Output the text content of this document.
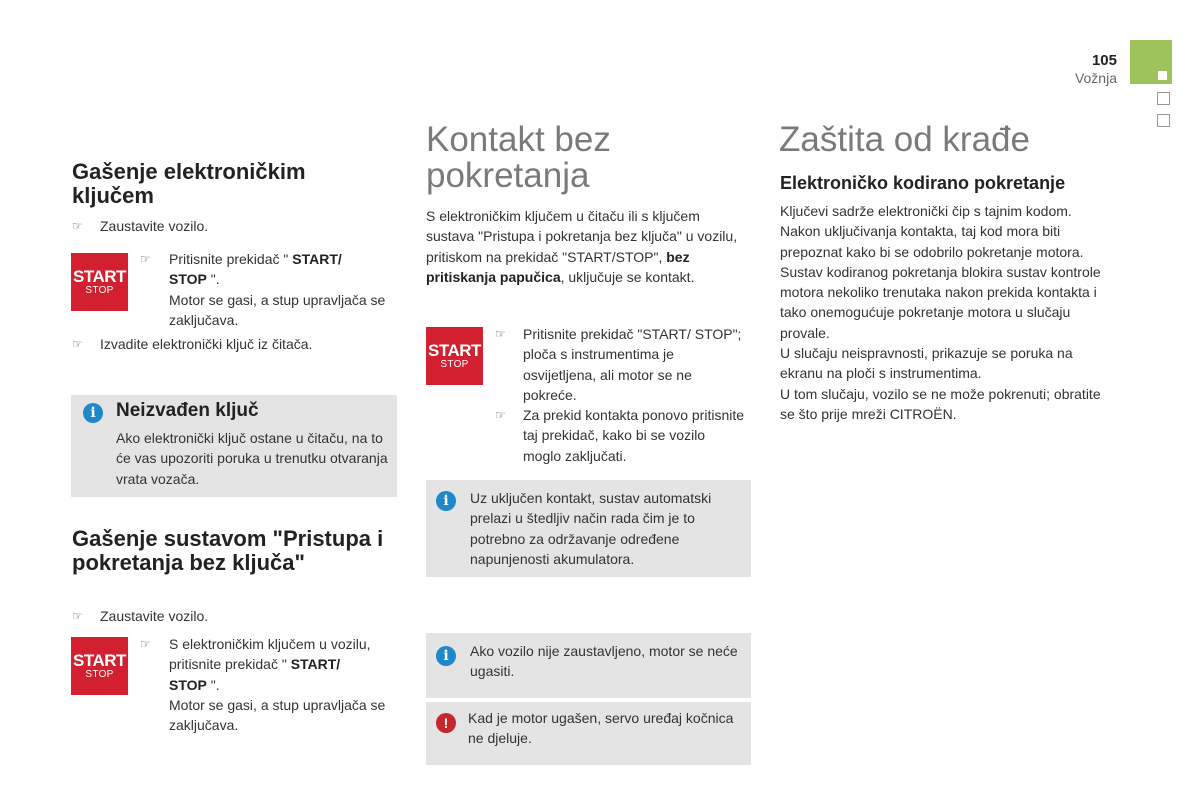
105
Vožnja
Gašenje elektroničkim ključem
☞	Zaustavite vozilo.
START
STOP
☞	Pritisnite prekidač " START/
STOP ".
Motor se gasi, a stup upravljača se zaključava.
☞	Izvadite elektronički ključ iz čitača.
i	Neizvađen ključ
Ako elektronički ključ ostane u čitaču, na to će vas upozoriti poruka u trenutku otvaranja vrata vozača.
Gašenje sustavom "Pristupa i pokretanja bez ključa"
☞	Zaustavite vozilo.
START
STOP
☞	S elektroničkim ključem u vozilu, pritisnite prekidač " START/
STOP ".
Motor se gasi, a stup upravljača se zaključava.
Kontakt bez pokretanja
S elektroničkim ključem u čitaču ili s ključem sustava "Pristupa i pokretanja bez ključa" u vozilu, pritiskom na prekidač "START/STOP", bez pritiskanja papučica, uključuje se kontakt.
START
STOP
☞	Pritisnite prekidač "START/ STOP"; ploča s instrumentima je osvijetljena, ali motor se ne pokreće.
☞	Za prekid kontakta ponovo pritisnite taj prekidač, kako bi se vozilo moglo zaključati.
i	Uz uključen kontakt, sustav automatski prelazi u štedljiv način rada čim je to potrebno za održavanje određene napunjenosti akumulatora.
i	Ako vozilo nije zaustavljeno, motor se neće ugasiti.
!	Kad je motor ugašen, servo uređaj kočnica ne djeluje.
Zaštita od krađe
Elektroničko kodirano pokretanje
Ključevi sadrže elektronički čip s tajnim kodom. Nakon uključivanja kontakta, taj kod mora biti prepoznat kako bi se odobrilo pokretanje motora.
Sustav kodiranog pokretanja blokira sustav kontrole motora nekoliko trenutaka nakon prekida kontakta i tako onemogućuje pokretanje motora u slučaju provale.
U slučaju neispravnosti, prikazuje se poruka na ekranu na ploči s instrumentima.
U tom slučaju, vozilo se ne može pokrenuti; obratite se što prije mreži CITROËN.
